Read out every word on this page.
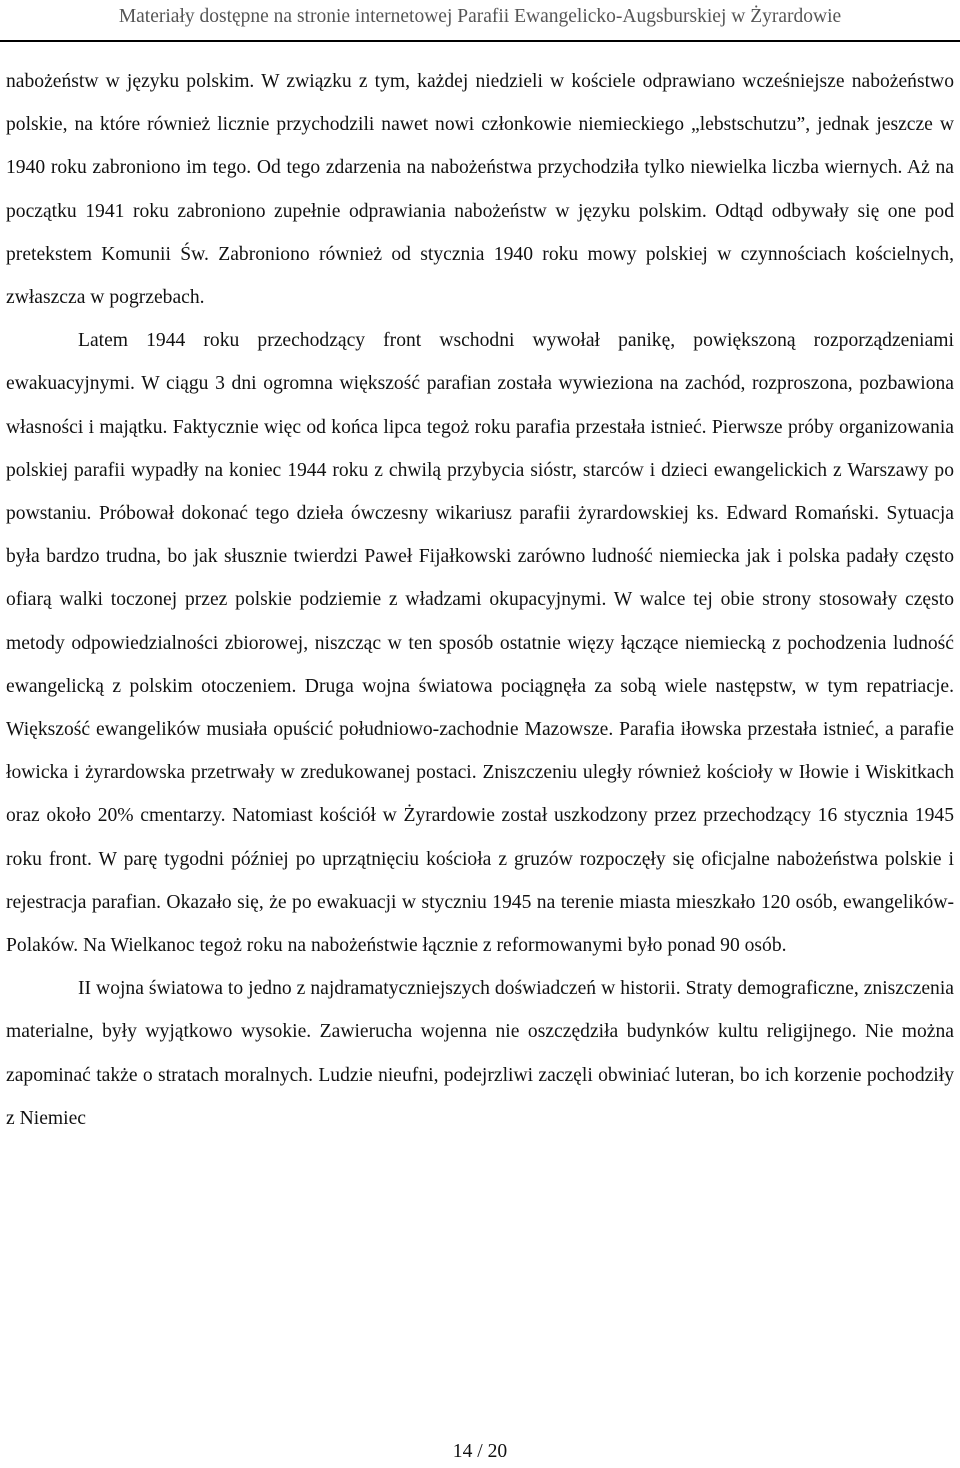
Materiały dostępne na stronie internetowej Parafii Ewangelicko-Augsburskiej w Żyrardowie

nabożeństw w języku polskim. W związku z tym, każdej niedzieli w kościele odprawiano wcześniejsze nabożeństwo polskie, na które również licznie przychodzili nawet nowi członkowie niemieckiego „lebstschutzu”, jednak jeszcze w 1940 roku zabroniono im tego. Od tego zdarzenia na nabożeństwa przychodziła tylko niewielka liczba wiernych. Aż na początku 1941 roku zabroniono zupełnie odprawiania nabożeństw w języku polskim. Odtąd odbywały się one pod pretekstem Komunii Św. Zabroniono również od stycznia 1940 roku mowy polskiej w czynnościach kościelnych, zwłaszcza w pogrzebach.

Latem 1944 roku przechodzący front wschodni wywołał panikę, powiększoną rozporządzeniami ewakuacyjnymi. W ciągu 3 dni ogromna większość parafian została wywieziona na zachód, rozproszona, pozbawiona własności i majątku. Faktycznie więc od końca lipca tegoż roku parafia przestała istnieć. Pierwsze próby organizowania polskiej parafii wypadły na koniec 1944 roku z chwilą przybycia sióstr, starców i dzieci ewangelickich z Warszawy po powstaniu. Próbował dokonać tego dzieła ówczesny wikariusz parafii żyrardowskiej ks. Edward Romański. Sytuacja była bardzo trudna, bo jak słusznie twierdzi Paweł Fijałkowski zarówno ludność niemiecka jak i polska padały często ofiarą walki toczonej przez polskie podziemie z władzami okupacyjnymi. W walce tej obie strony stosowały często metody odpowiedzialności zbiorowej, niszcząc w ten sposób ostatnie więzy łączące niemiecką z pochodzenia ludność ewangelicką z polskim otoczeniem. Druga wojna światowa pociągnęła za sobą wiele następstw, w tym repatriacje. Większość ewangelików musiała opuścić południowo-zachodnie Mazowsze. Parafia iłowska przestała istnieć, a parafie łowicka i żyrardowska przetrwały w zredukowanej postaci. Zniszczeniu uległy również kościoły w Iłowie i Wiskitkach oraz około 20% cmentarzy. Natomiast kościół w Żyrardowie został uszkodzony przez przechodzący 16 stycznia 1945 roku front. W parę tygodni później po uprzątnięciu kościoła z gruzów rozpoczęły się oficjalne nabożeństwa polskie i rejestracja parafian. Okazało się, że po ewakuacji w styczniu 1945 na terenie miasta mieszkało 120 osób, ewangelików-Polaków. Na Wielkanoc tegoż roku na nabożeństwie łącznie z reformowanymi było ponad 90 osób.

II wojna światowa to jedno z najdramatyczniejszych doświadczeń w historii. Straty demograficzne, zniszczenia materialne, były wyjątkowo wysokie. Zawierucha wojenna nie oszczędziła budynków kultu religijnego. Nie można zapominać także o stratach moralnych. Ludzie nieufni, podejrzliwi zaczęli obwiniać luteran, bo ich korzenie pochodziły z Niemiec

14 / 20
